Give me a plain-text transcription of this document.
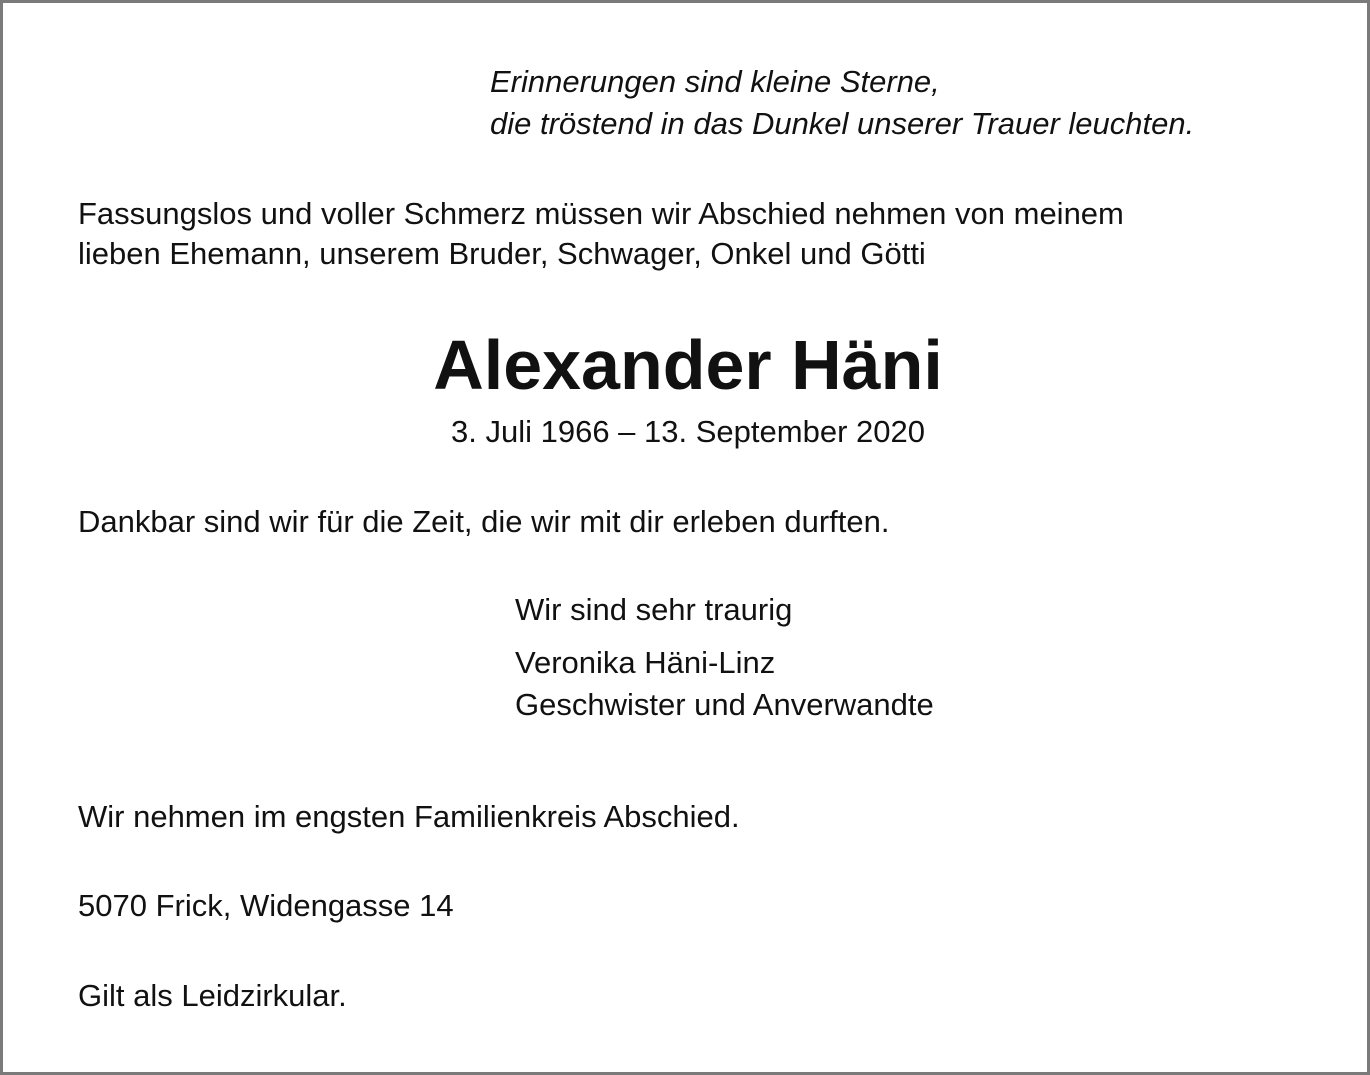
Erinnerungen sind kleine Sterne,
die tröstend in das Dunkel unserer Trauer leuchten.
Fassungslos und voller Schmerz müssen wir Abschied nehmen von meinem
lieben Ehemann, unserem Bruder, Schwager, Onkel und Götti
Alexander Häni
3. Juli 1966 – 13. September 2020
Dankbar sind wir für die Zeit, die wir mit dir erleben durften.
Wir sind sehr traurig
Veronika Häni-Linz
Geschwister und Anverwandte
Wir nehmen im engsten Familienkreis Abschied.
5070 Frick, Widengasse 14
Gilt als Leidzirkular.
